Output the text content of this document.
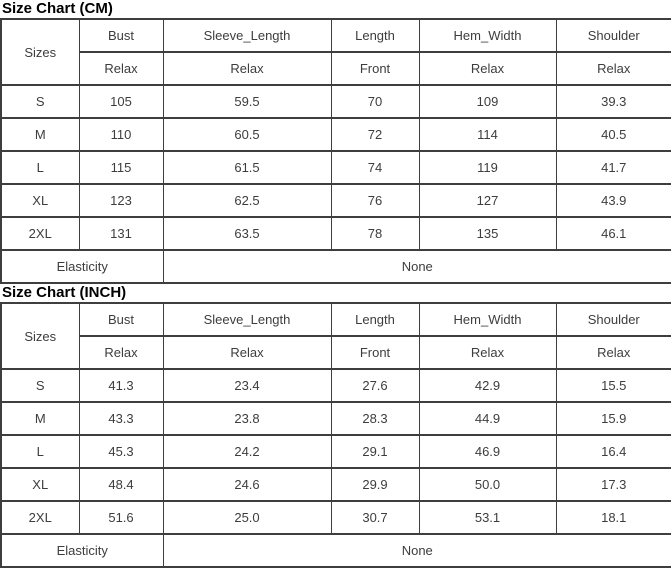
Size Chart (CM)
Sizes	Bust	Sleeve_Length	Length	Hem_Width	Shoulder
	Relax	Relax	Front	Relax	Relax
S	105	59.5	70	109	39.3
M	110	60.5	72	114	40.5
L	115	61.5	74	119	41.7
XL	123	62.5	76	127	43.9
2XL	131	63.5	78	135	46.1
Elasticity		None			
Size Chart (INCH)
Sizes	Bust	Sleeve_Length	Length	Hem_Width	Shoulder
	Relax	Relax	Front	Relax	Relax
S	41.3	23.4	27.6	42.9	15.5
M	43.3	23.8	28.3	44.9	15.9
L	45.3	24.2	29.1	46.9	16.4
XL	48.4	24.6	29.9	50.0	17.3
2XL	51.6	25.0	30.7	53.1	18.1
Elasticity		None			
